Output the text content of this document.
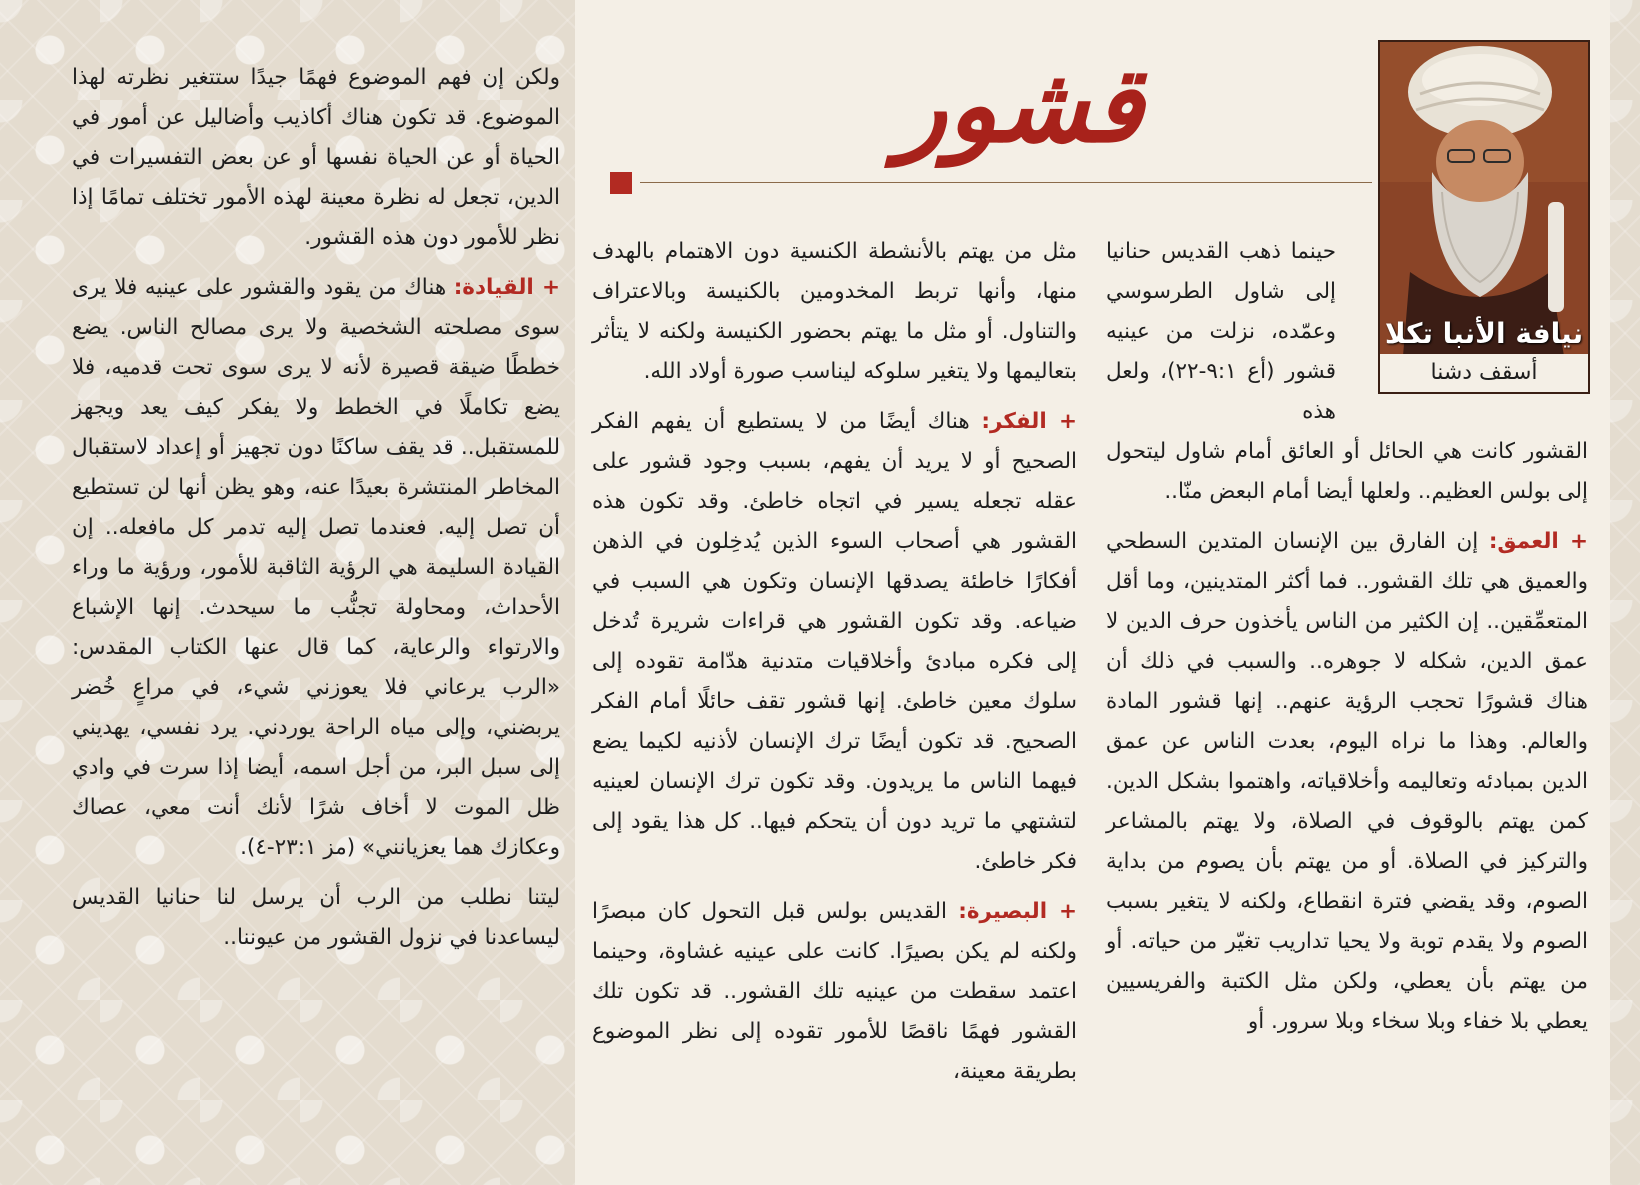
قشور
نيافة الأنبا تكلا
أسقف دشنا

حينما ذهب القديس حنانيا إلى شاول الطرسوسي وعمّده، نزلت من عينيه قشور (أع ٩:١-٢٢)، ولعل هذه

القشور كانت هي الحائل أو العائق أمام شاول ليتحول إلى بولس العظيم.. ولعلها أيضا أمام البعض منّا..

+ العمق: إن الفارق بين الإنسان المتدين السطحي والعميق هي تلك القشور.. فما أكثر المتدينين، وما أقل المتعمِّقين.. إن الكثير من الناس يأخذون حرف الدين لا عمق الدين، شكله لا جوهره.. والسبب في ذلك أن هناك قشورًا تحجب الرؤية عنهم.. إنها قشور المادة والعالم. وهذا ما نراه اليوم، بعدت الناس عن عمق الدين بمبادئه وتعاليمه وأخلاقياته، واهتموا بشكل الدين. كمن يهتم بالوقوف في الصلاة، ولا يهتم بالمشاعر والتركيز في الصلاة. أو من يهتم بأن يصوم من بداية الصوم، وقد يقضي فترة انقطاع، ولكنه لا يتغير بسبب الصوم ولا يقدم توبة ولا يحيا تداريب تغيّر من حياته. أو من يهتم بأن يعطي، ولكن مثل الكتبة والفريسيين يعطي بلا خفاء وبلا سخاء وبلا سرور. أو

مثل من يهتم بالأنشطة الكنسية دون الاهتمام بالهدف منها، وأنها تربط المخدومين بالكنيسة وبالاعتراف والتناول. أو مثل ما يهتم بحضور الكنيسة ولكنه لا يتأثر بتعاليمها ولا يتغير سلوكه ليناسب صورة أولاد الله.

+ الفكر: هناك أيضًا من لا يستطيع أن يفهم الفكر الصحيح أو لا يريد أن يفهم، بسبب وجود قشور على عقله تجعله يسير في اتجاه خاطئ. وقد تكون هذه القشور هي أصحاب السوء الذين يُدخِلون في الذهن أفكارًا خاطئة يصدقها الإنسان وتكون هي السبب في ضياعه. وقد تكون القشور هي قراءات شريرة تُدخل إلى فكره مبادئ وأخلاقيات متدنية هدّامة تقوده إلى سلوك معين خاطئ. إنها قشور تقف حائلًا أمام الفكر الصحيح. قد تكون أيضًا ترك الإنسان لأذنيه لكيما يضع فيهما الناس ما يريدون. وقد تكون ترك الإنسان لعينيه لتشتهي ما تريد دون أن يتحكم فيها.. كل هذا يقود إلى فكر خاطئ.

+ البصيرة: القديس بولس قبل التحول كان مبصرًا ولكنه لم يكن بصيرًا. كانت على عينيه غشاوة، وحينما اعتمد سقطت من عينيه تلك القشور.. قد تكون تلك القشور فهمًا ناقصًا للأمور تقوده إلى نظر الموضوع بطريقة معينة،

ولكن إن فهم الموضوع فهمًا جيدًا ستتغير نظرته لهذا الموضوع. قد تكون هناك أكاذيب وأضاليل عن أمور في الحياة أو عن الحياة نفسها أو عن بعض التفسيرات في الدين، تجعل له نظرة معينة لهذه الأمور تختلف تمامًا إذا نظر للأمور دون هذه القشور.

+ القيادة: هناك من يقود والقشور على عينيه فلا يرى سوى مصلحته الشخصية ولا يرى مصالح الناس. يضع خططًا ضيقة قصيرة لأنه لا يرى سوى تحت قدميه، فلا يضع تكاملًا في الخطط ولا يفكر كيف يعد ويجهز للمستقبل.. قد يقف ساكنًا دون تجهيز أو إعداد لاستقبال المخاطر المنتشرة بعيدًا عنه، وهو يظن أنها لن تستطيع أن تصل إليه. فعندما تصل إليه تدمر كل مافعله.. إن القيادة السليمة هي الرؤية الثاقبة للأمور، ورؤية ما وراء الأحداث، ومحاولة تجنُّب ما سيحدث. إنها الإشباع والارتواء والرعاية، كما قال عنها الكتاب المقدس: «الرب يرعاني فلا يعوزني شيء، في مراعٍ خُضر يربضني، وإلى مياه الراحة يوردني. يرد نفسي، يهديني إلى سبل البر، من أجل اسمه، أيضا إذا سرت في وادي ظل الموت لا أخاف شرًا لأنك أنت معي، عصاك وعكازك هما يعزيانني» (مز ٢٣:١-٤).

ليتنا نطلب من الرب أن يرسل لنا حنانيا القديس ليساعدنا في نزول القشور من عيوننا..
